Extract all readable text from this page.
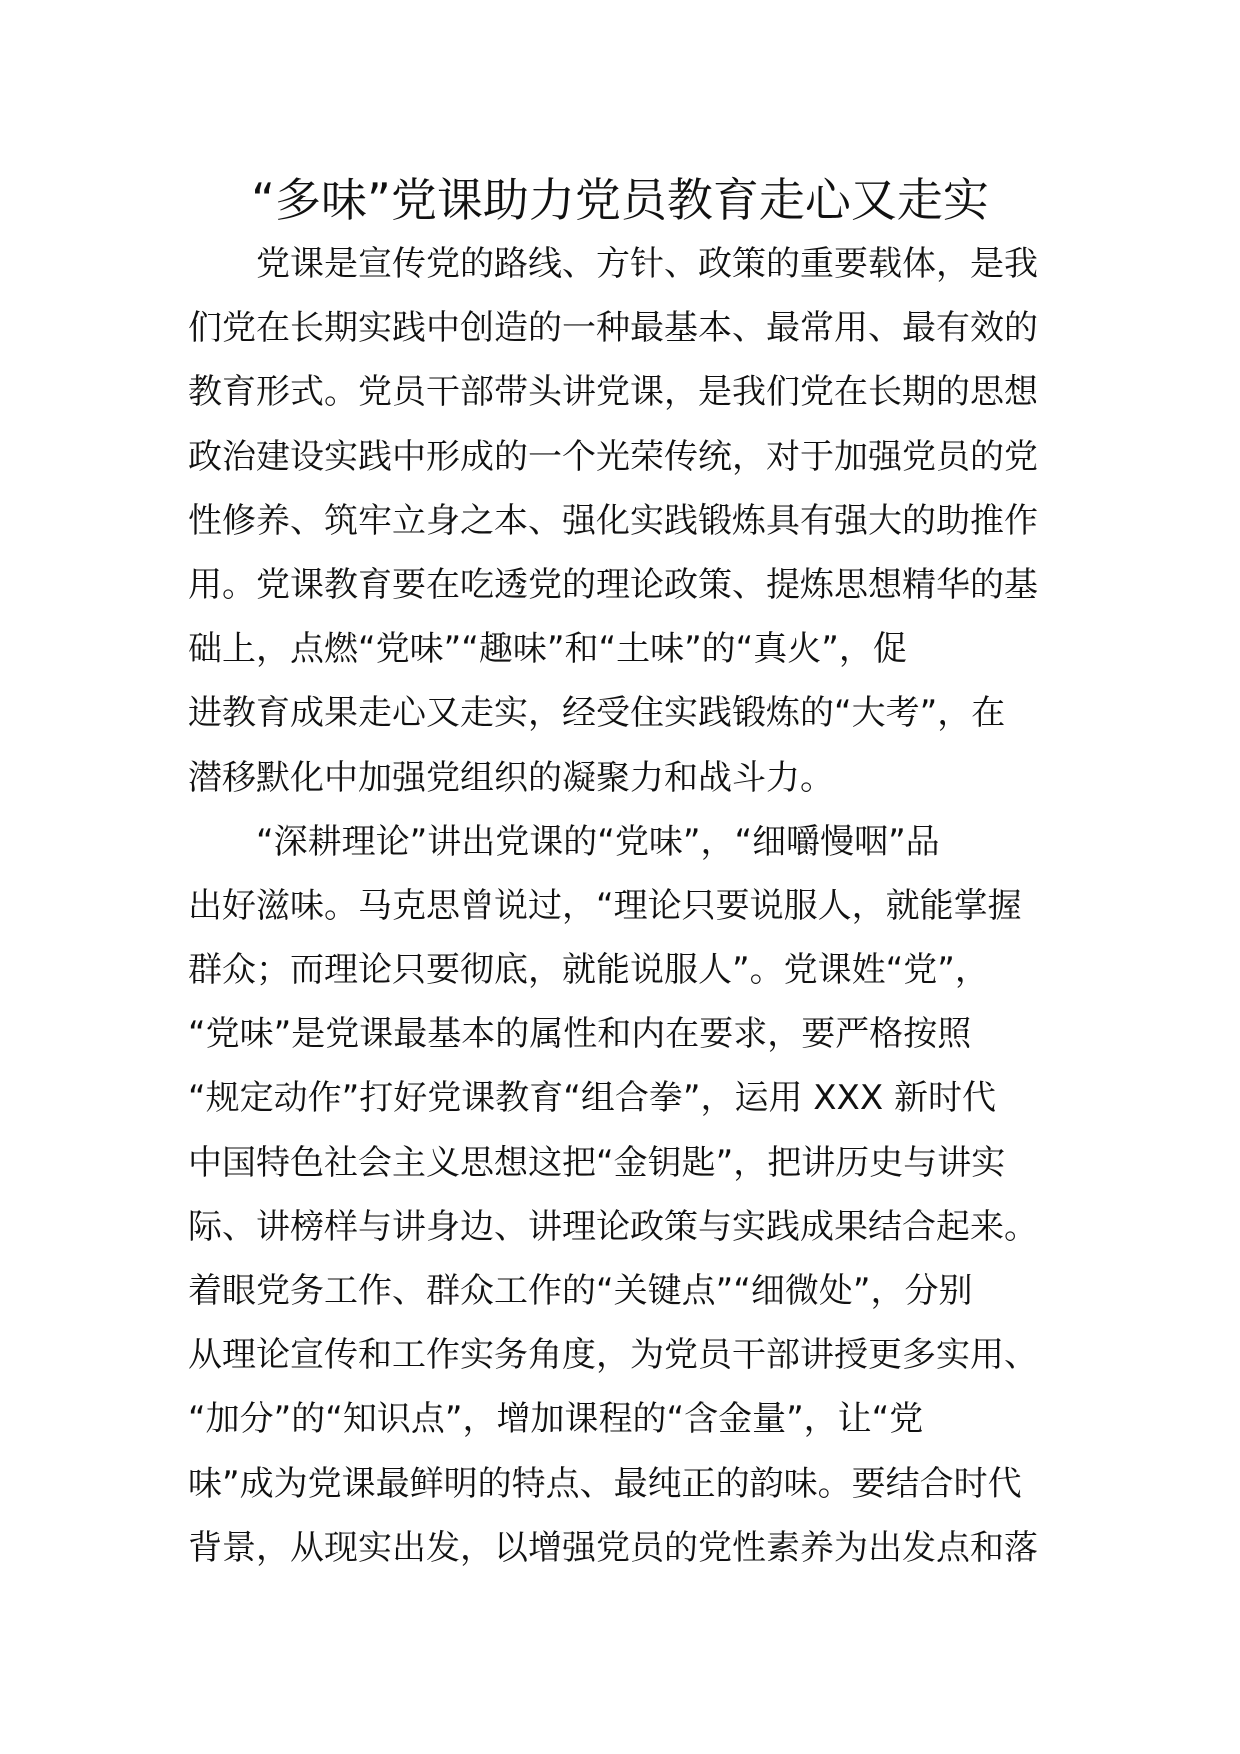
“多味”党课助力党员教育走心又走实
党课是宣传党的路线、方针、政策的重要载体，是我
们党在长期实践中创造的一种最基本、最常用、最有效的
教育形式。党员干部带头讲党课，是我们党在长期的思想
政治建设实践中形成的一个光荣传统，对于加强党员的党
性修养、筑牢立身之本、强化实践锻炼具有强大的助推作
用。党课教育要在吃透党的理论政策、提炼思想精华的基
础上，点燃“党味”“趣味”和“土味”的“真火”，促
进教育成果走心又走实，经受住实践锻炼的“大考”，在
潜移默化中加强党组织的凝聚力和战斗力。
“深耕理论”讲出党课的“党味”，“细嚼慢咽”品
出好滋味。马克思曾说过，“理论只要说服人，就能掌握
群众；而理论只要彻底，就能说服人”。党课姓“党”，
“党味”是党课最基本的属性和内在要求，要严格按照
“规定动作”打好党课教育“组合拳”，运用 XXX 新时代
中国特色社会主义思想这把“金钥匙”，把讲历史与讲实
际、讲榜样与讲身边、讲理论政策与实践成果结合起来。
着眼党务工作、群众工作的“关键点”“细微处”，分别
从理论宣传和工作实务角度，为党员干部讲授更多实用、
“加分”的“知识点”，增加课程的“含金量”，让“党
味”成为党课最鲜明的特点、最纯正的韵味。要结合时代
背景，从现实出发，以增强党员的党性素养为出发点和落
